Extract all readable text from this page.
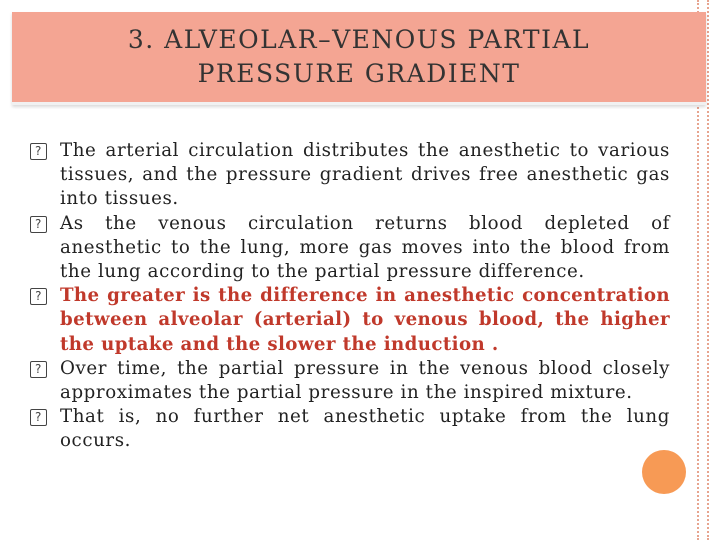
3. ALVEOLAR–VENOUS PARTIAL
PRESSURE GRADIENT

? The arterial circulation distributes the anesthetic to various tissues, and the pressure gradient drives free anesthetic gas into tissues.

? As the venous circulation returns blood depleted of anesthetic to the lung, more gas moves into the blood from the lung according to the partial pressure difference.

? The greater is the difference in anesthetic concentration between alveolar (arterial) to venous blood, the higher the uptake and the slower the induction .

? Over time, the partial pressure in the venous blood closely approximates the partial pressure in the inspired mixture.

? That is, no further net anesthetic uptake from the lung occurs.
